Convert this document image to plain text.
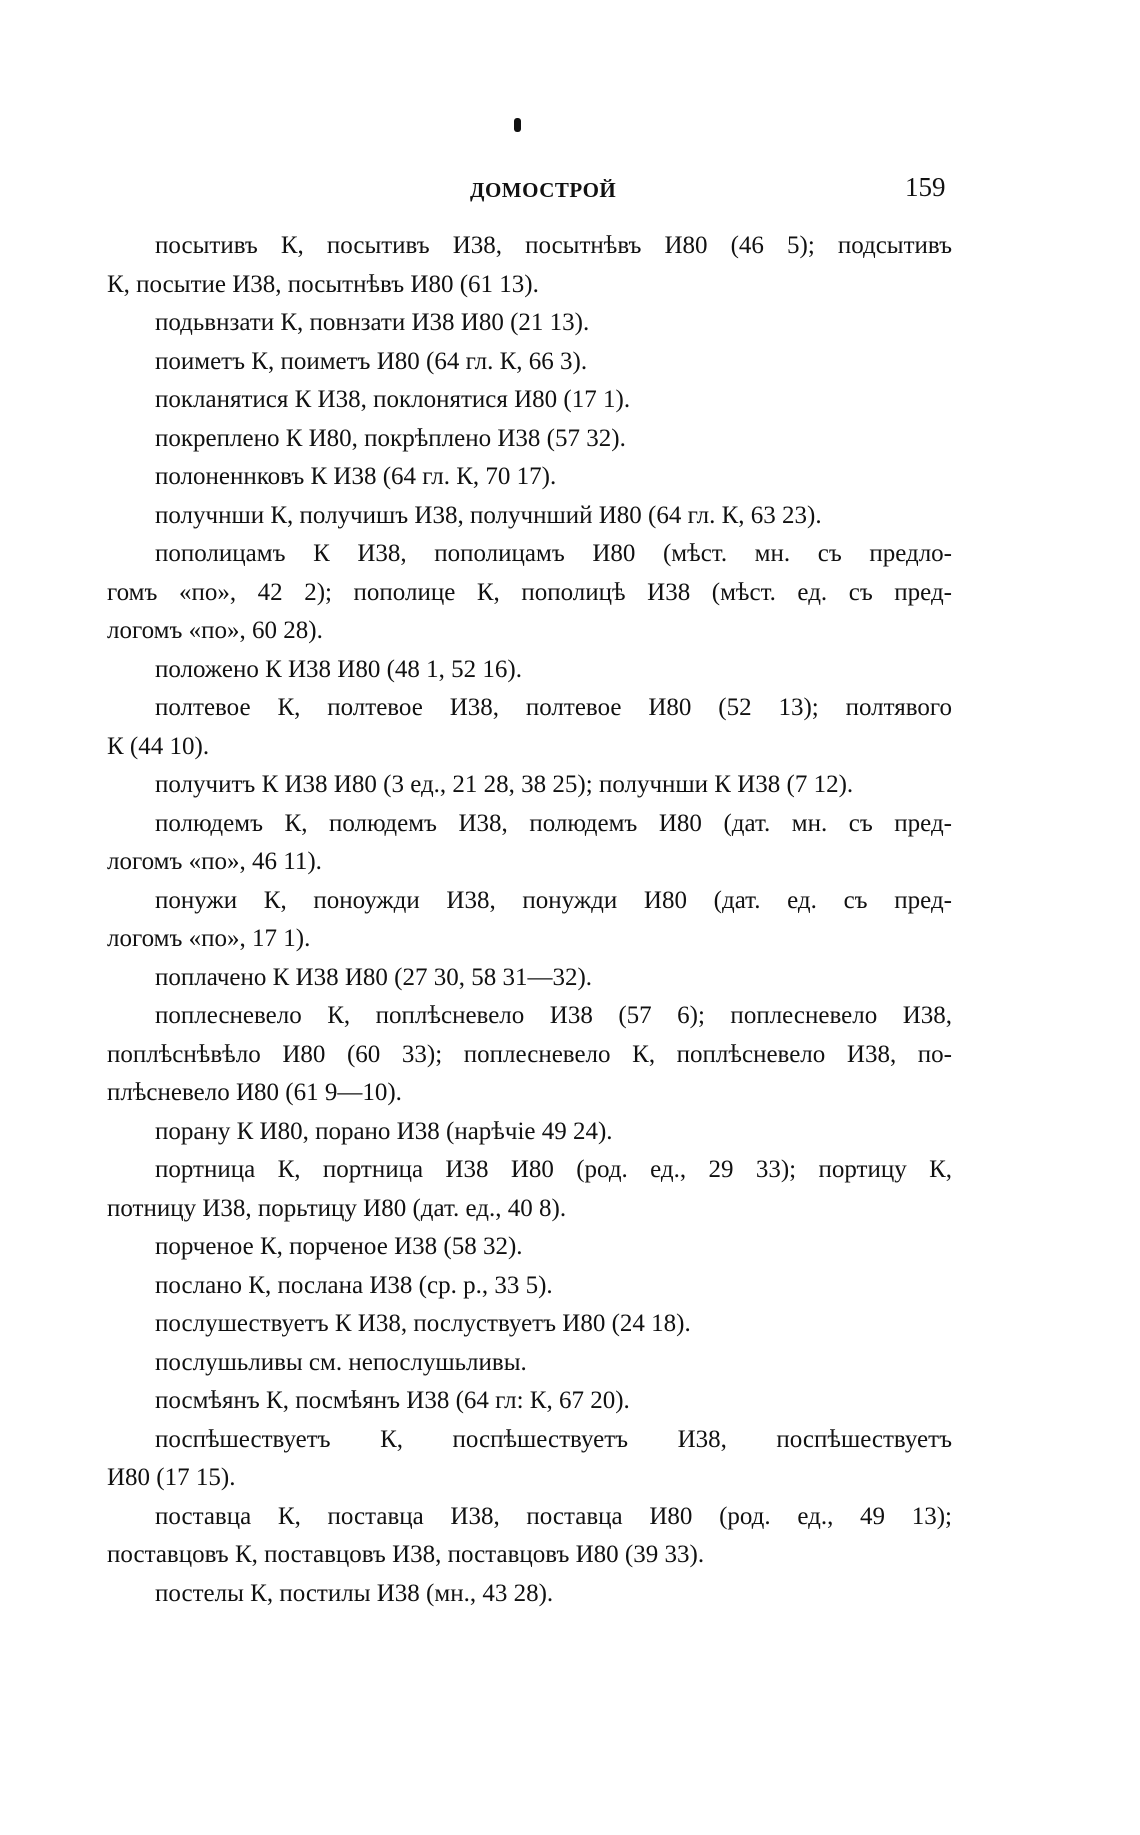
ДОМОСТРОЙ	159
посытивъ К, посытивъ И38, посытнѣвъ И80 (46 5); подсытивъ
К, посытие И38, посытнѣвъ И80 (61 13).
подьвнзати К, повнзати И38 И80 (21 13).
поиметъ К, поиметъ И80 (64 гл. К, 66 3).
покланятися К И38, поклонятися И80 (17 1).
покреплено К И80, покрѣплено И38 (57 32).
полоненнковъ К И38 (64 гл. К, 70 17).
получнши К, получишъ И38, получнший И80 (64 гл. К, 63 23).
пополицамъ К И38, пополицамъ И80 (мѣст. мн. съ предло-
гомъ «по», 42 2); пополице К, пополицѣ И38 (мѣст. ед. съ пред-
логомъ «по», 60 28).
положено К И38 И80 (48 1, 52 16).
полтевое К, полтевое И38, полтевое И80 (52 13); полтявого
К (44 10).
получитъ К И38 И80 (3 ед., 21 28, 38 25); получнши К И38 (7 12).
полюдемъ К, полюдемъ И38, полюдемъ И80 (дат. мн. съ пред-
логомъ «по», 46 11).
понужи К, поноужди И38, понужди И80 (дат. ед. съ пред-
логомъ «по», 17 1).
поплачено К И38 И80 (27 30, 58 31—32).
поплесневело К, поплѣсневело И38 (57 6); поплесневело И38,
поплѣснѣвѣло И80 (60 33); поплесневело К, поплѣсневело И38, по-
плѣсневело И80 (61 9—10).
порану К И80, порано И38 (нарѣчіе 49 24).
портница К, портница И38 И80 (род. ед., 29 33); портицу К,
потницу И38, порьтицу И80 (дат. ед., 40 8).
порченое К, порченое И38 (58 32).
послано К, послана И38 (ср. р., 33 5).
послушествуетъ К И38, послуствуетъ И80 (24 18).
послушьливы см. непослушьливы.
посмѣянъ К, посмѣянъ И38 (64 гл: К, 67 20).
поспѣшествуетъ К, поспѣшествуетъ И38, поспѣшествуетъ
И80 (17 15).
поставца К, поставца И38, поставца И80 (род. ед., 49 13);
поставцовъ К, поставцовъ И38, поставцовъ И80 (39 33).
постелы К, постилы И38 (мн., 43 28).
